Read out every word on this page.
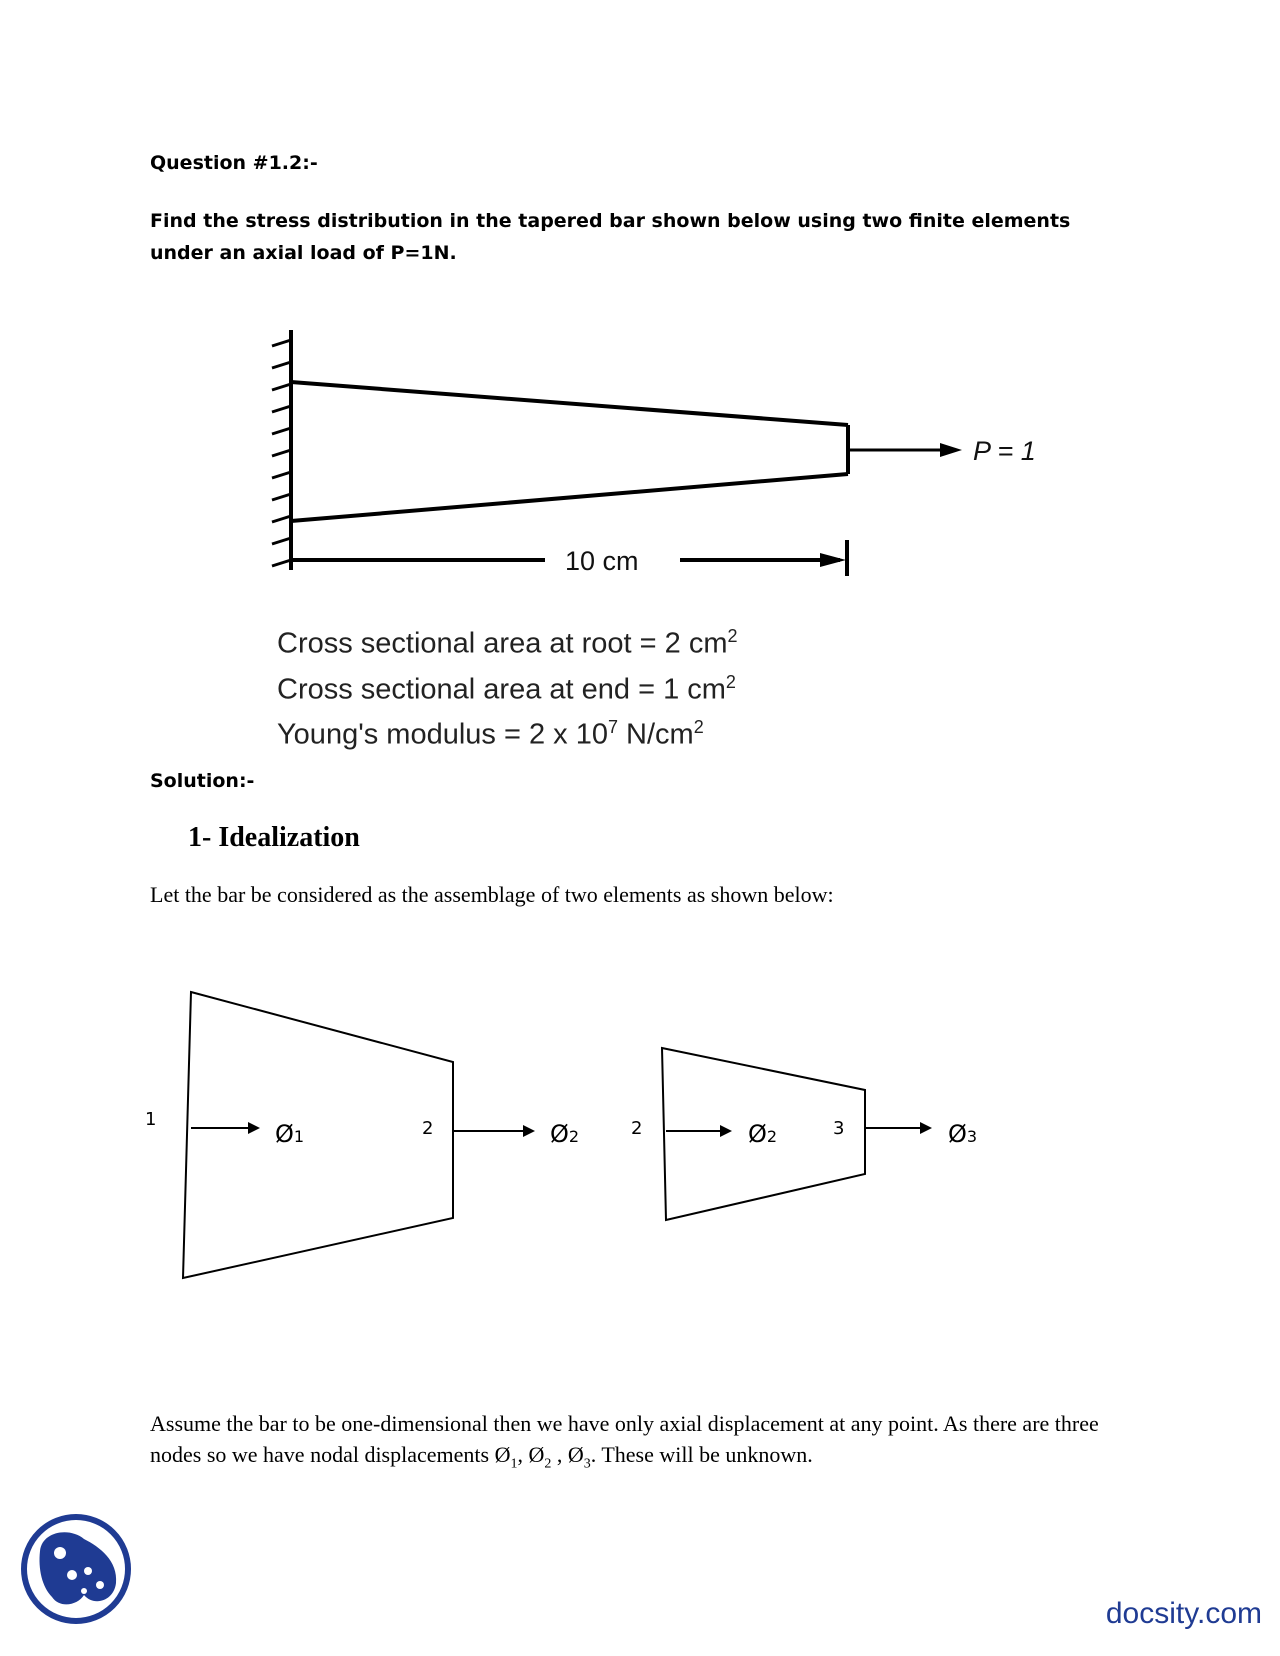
Question #1.2:-
Find the stress distribution in the tapered bar shown below using two finite elements under an axial load of P=1N.
P = 1
10 cm
Cross sectional area at root = 2 $cm^2$
Cross sectional area at end = 1 $cm^2$
Young's modulus = 2 x $10^7$ $N/cm^2$
Solution:-
1- Idealization
Let the bar be considered as the assemblage of two elements as shown below:
1	2	2	3
Ø1	Ø2	Ø2	Ø3
Assume the bar to be one-dimensional then we have only axial displacement at any point. As there are three nodes so we have nodal displacements $Ø_1$, $Ø_2$ , $Ø_3$. These will be unknown.
docsity.com
